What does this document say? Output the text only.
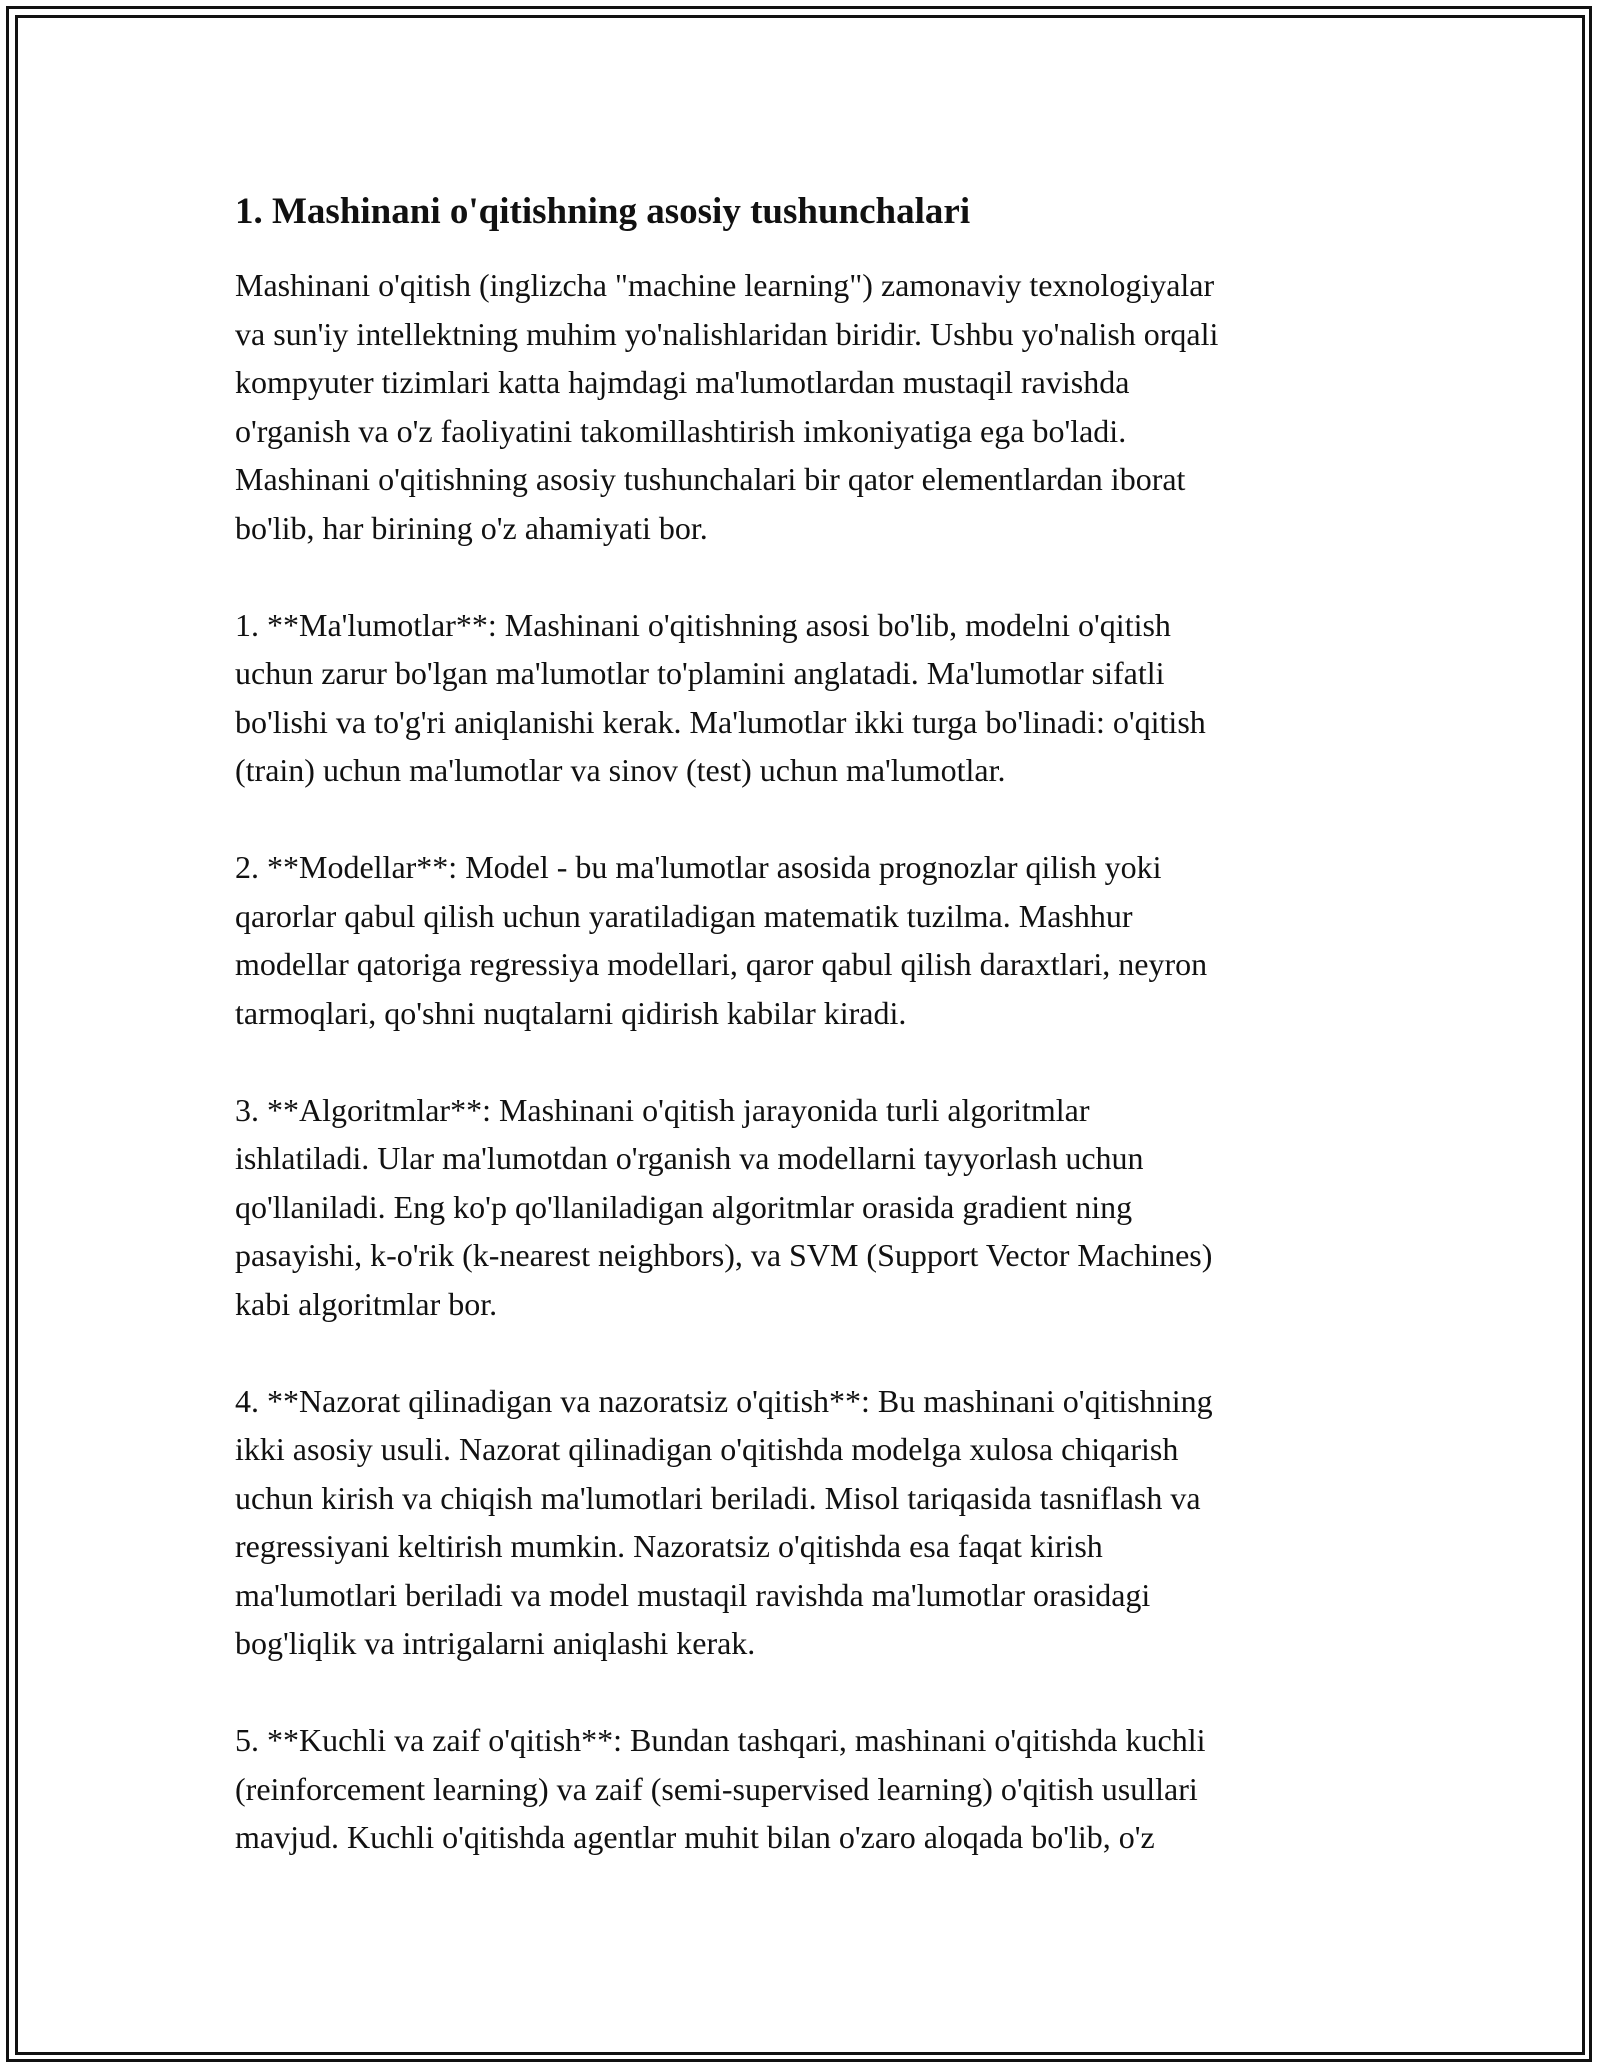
1. Mashinani o'qitishning asosiy tushunchalari

Mashinani o'qitish (inglizcha "machine learning") zamonaviy texnologiyalar
va sun'iy intellektning muhim yo'nalishlaridan biridir. Ushbu yo'nalish orqali
kompyuter tizimlari katta hajmdagi ma'lumotlardan mustaqil ravishda
o'rganish va o'z faoliyatini takomillashtirish imkoniyatiga ega bo'ladi.
Mashinani o'qitishning asosiy tushunchalari bir qator elementlardan iborat
bo'lib, har birining o'z ahamiyati bor.

1. **Ma'lumotlar**: Mashinani o'qitishning asosi bo'lib, modelni o'qitish
uchun zarur bo'lgan ma'lumotlar to'plamini anglatadi. Ma'lumotlar sifatli
bo'lishi va to'g'ri aniqlanishi kerak. Ma'lumotlar ikki turga bo'linadi: o'qitish
(train) uchun ma'lumotlar va sinov (test) uchun ma'lumotlar.

2. **Modellar**: Model - bu ma'lumotlar asosida prognozlar qilish yoki
qarorlar qabul qilish uchun yaratiladigan matematik tuzilma. Mashhur
modellar qatoriga regressiya modellari, qaror qabul qilish daraxtlari, neyron
tarmoqlari, qo'shni nuqtalarni qidirish kabilar kiradi.

3. **Algoritmlar**: Mashinani o'qitish jarayonida turli algoritmlar
ishlatiladi. Ular ma'lumotdan o'rganish va modellarni tayyorlash uchun
qo'llaniladi. Eng ko'p qo'llaniladigan algoritmlar orasida gradient ning
pasayishi, k-o'rik (k-nearest neighbors), va SVM (Support Vector Machines)
kabi algoritmlar bor.

4. **Nazorat qilinadigan va nazoratsiz o'qitish**: Bu mashinani o'qitishning
ikki asosiy usuli. Nazorat qilinadigan o'qitishda modelga xulosa chiqarish
uchun kirish va chiqish ma'lumotlari beriladi. Misol tariqasida tasniflash va
regressiyani keltirish mumkin. Nazoratsiz o'qitishda esa faqat kirish
ma'lumotlari beriladi va model mustaqil ravishda ma'lumotlar orasidagi
bog'liqlik va intrigalarni aniqlashi kerak.

5. **Kuchli va zaif o'qitish**: Bundan tashqari, mashinani o'qitishda kuchli
(reinforcement learning) va zaif (semi-supervised learning) o'qitish usullari
mavjud. Kuchli o'qitishda agentlar muhit bilan o'zaro aloqada bo'lib, o'z
